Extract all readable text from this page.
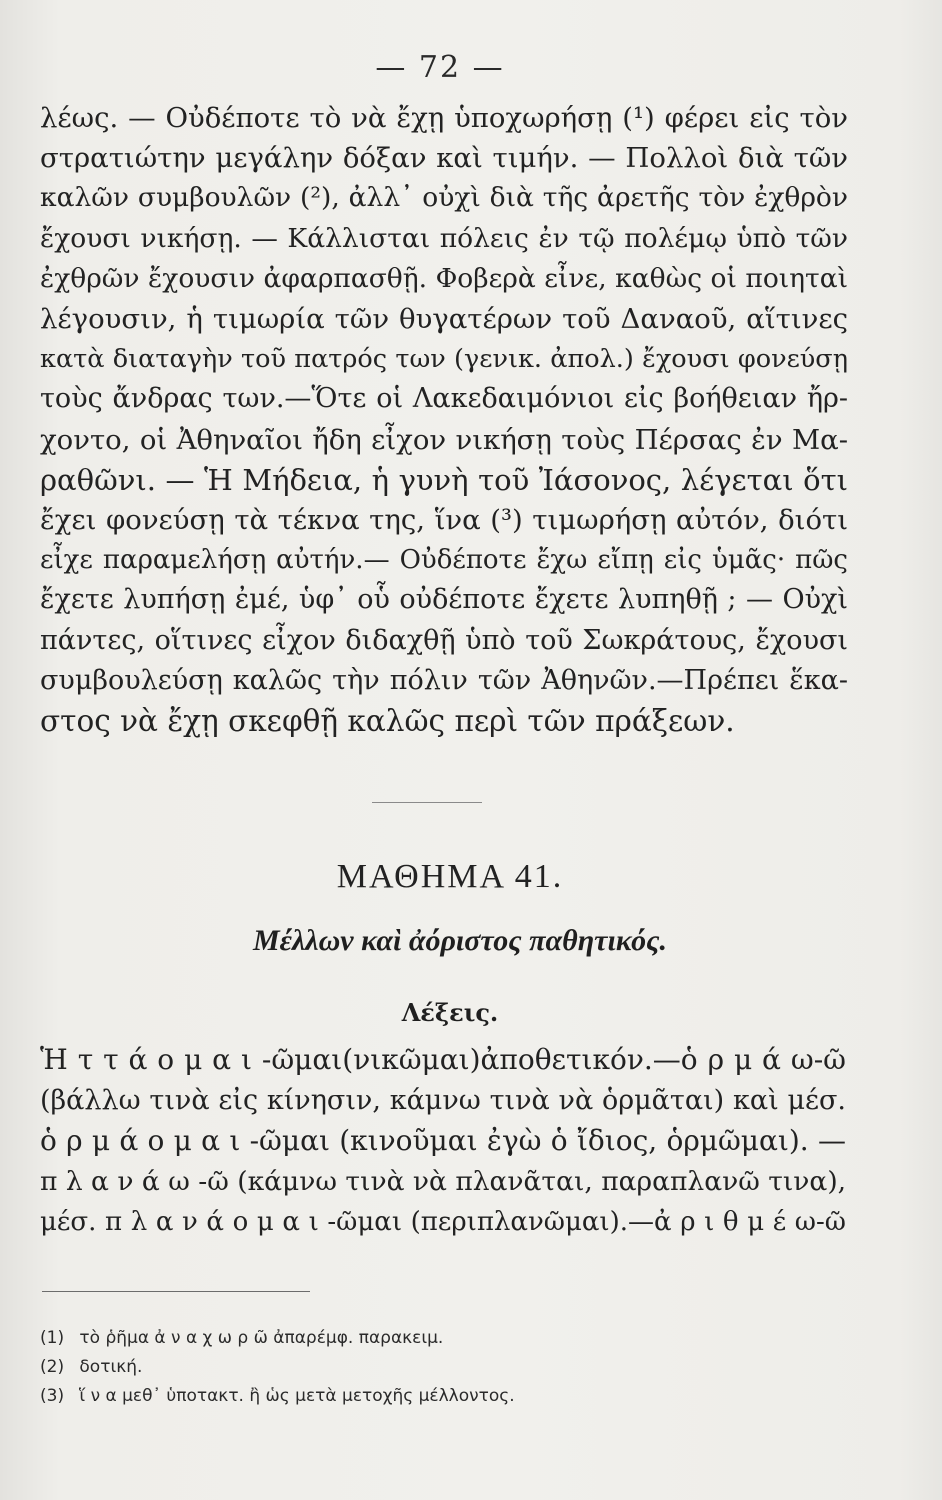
— 72 —
λέως. — Οὐδέποτε τὸ νὰ ἔχῃ ὑποχωρήσῃ (¹) φέρει εἰς τὸν
στρατιώτην μεγάλην δόξαν καὶ τιμήν. — Πολλοὶ διὰ τῶν
καλῶν συμβουλῶν (²), ἀλλ᾿ οὐχὶ διὰ τῆς ἀρετῆς τὸν ἐχθρὸν
ἔχουσι νικήσῃ. — Κάλλισται πόλεις ἐν τῷ πολέμῳ ὑπὸ τῶν
ἐχθρῶν ἔχουσιν ἀφαρπασθῇ. Φοβερὰ εἶνε, καθὼς οἱ ποιηταὶ
λέγουσιν, ἡ τιμωρία τῶν θυγατέρων τοῦ Δαναοῦ, αἵτινες
κατὰ διαταγὴν τοῦ πατρός των (γενικ. ἀπολ.) ἔχουσι φονεύσῃ
τοὺς ἄνδρας των.—Ὅτε οἱ Λακεδαιμόνιοι εἰς βοήθειαν ἤρ-
χοντο, οἱ Ἀθηναῖοι ἤδη εἶχον νικήσῃ τοὺς Πέρσας ἐν Μα-
ραθῶνι. — Ἡ Μήδεια, ἡ γυνὴ τοῦ Ἰάσονος, λέγεται ὅτι
ἔχει φονεύσῃ τὰ τέκνα της, ἵνα (³) τιμωρήσῃ αὐτόν, διότι
εἶχε παραμελήσῃ αὐτήν.— Οὐδέποτε ἔχω εἴπῃ εἰς ὑμᾶς· πῶς
ἔχετε λυπήσῃ ἐμέ, ὑφ᾿ οὗ οὐδέποτε ἔχετε λυπηθῇ ; — Οὐχὶ
πάντες, οἵτινες εἶχον διδαχθῇ ὑπὸ τοῦ Σωκράτους, ἔχουσι
συμβουλεύσῃ καλῶς τὴν πόλιν τῶν Ἀθηνῶν.—Πρέπει ἕκα-
στος νὰ ἔχῃ σκεφθῇ καλῶς περὶ τῶν πράξεων.
ΜΑΘΗΜΑ 41.
Μέλλων καὶ ἀόριστος παθητικός.
Λέξεις.
Ἡ τ τ ά ο μ α ι -ῶμαι(νικῶμαι)ἀποθετικόν.—ὁ ρ μ ά ω-ῶ
(βάλλω τινὰ εἰς κίνησιν, κάμνω τινὰ νὰ ὁρμᾶται) καὶ μέσ.
ὁ ρ μ ά ο μ α ι -ῶμαι (κινοῦμαι ἐγὼ ὁ ἴδιος, ὁρμῶμαι). —
π λ α ν ά ω -ῶ (κάμνω τινὰ νὰ πλανᾶται, παραπλανῶ τινα),
μέσ. π λ α ν ά ο μ α ι -ῶμαι (περιπλανῶμαι).—ἀ ρ ι θ μ έ ω-ῶ
(1) τὸ ῥῆμα ἀ ν α χ ω ρ ῶ ἀπαρέμφ. παρακειμ.
(2) δοτική.
(3) ἵ ν α μεθ᾿ ὑποτακτ. ἢ ὡς μετὰ μετοχῆς μέλλοντος.
